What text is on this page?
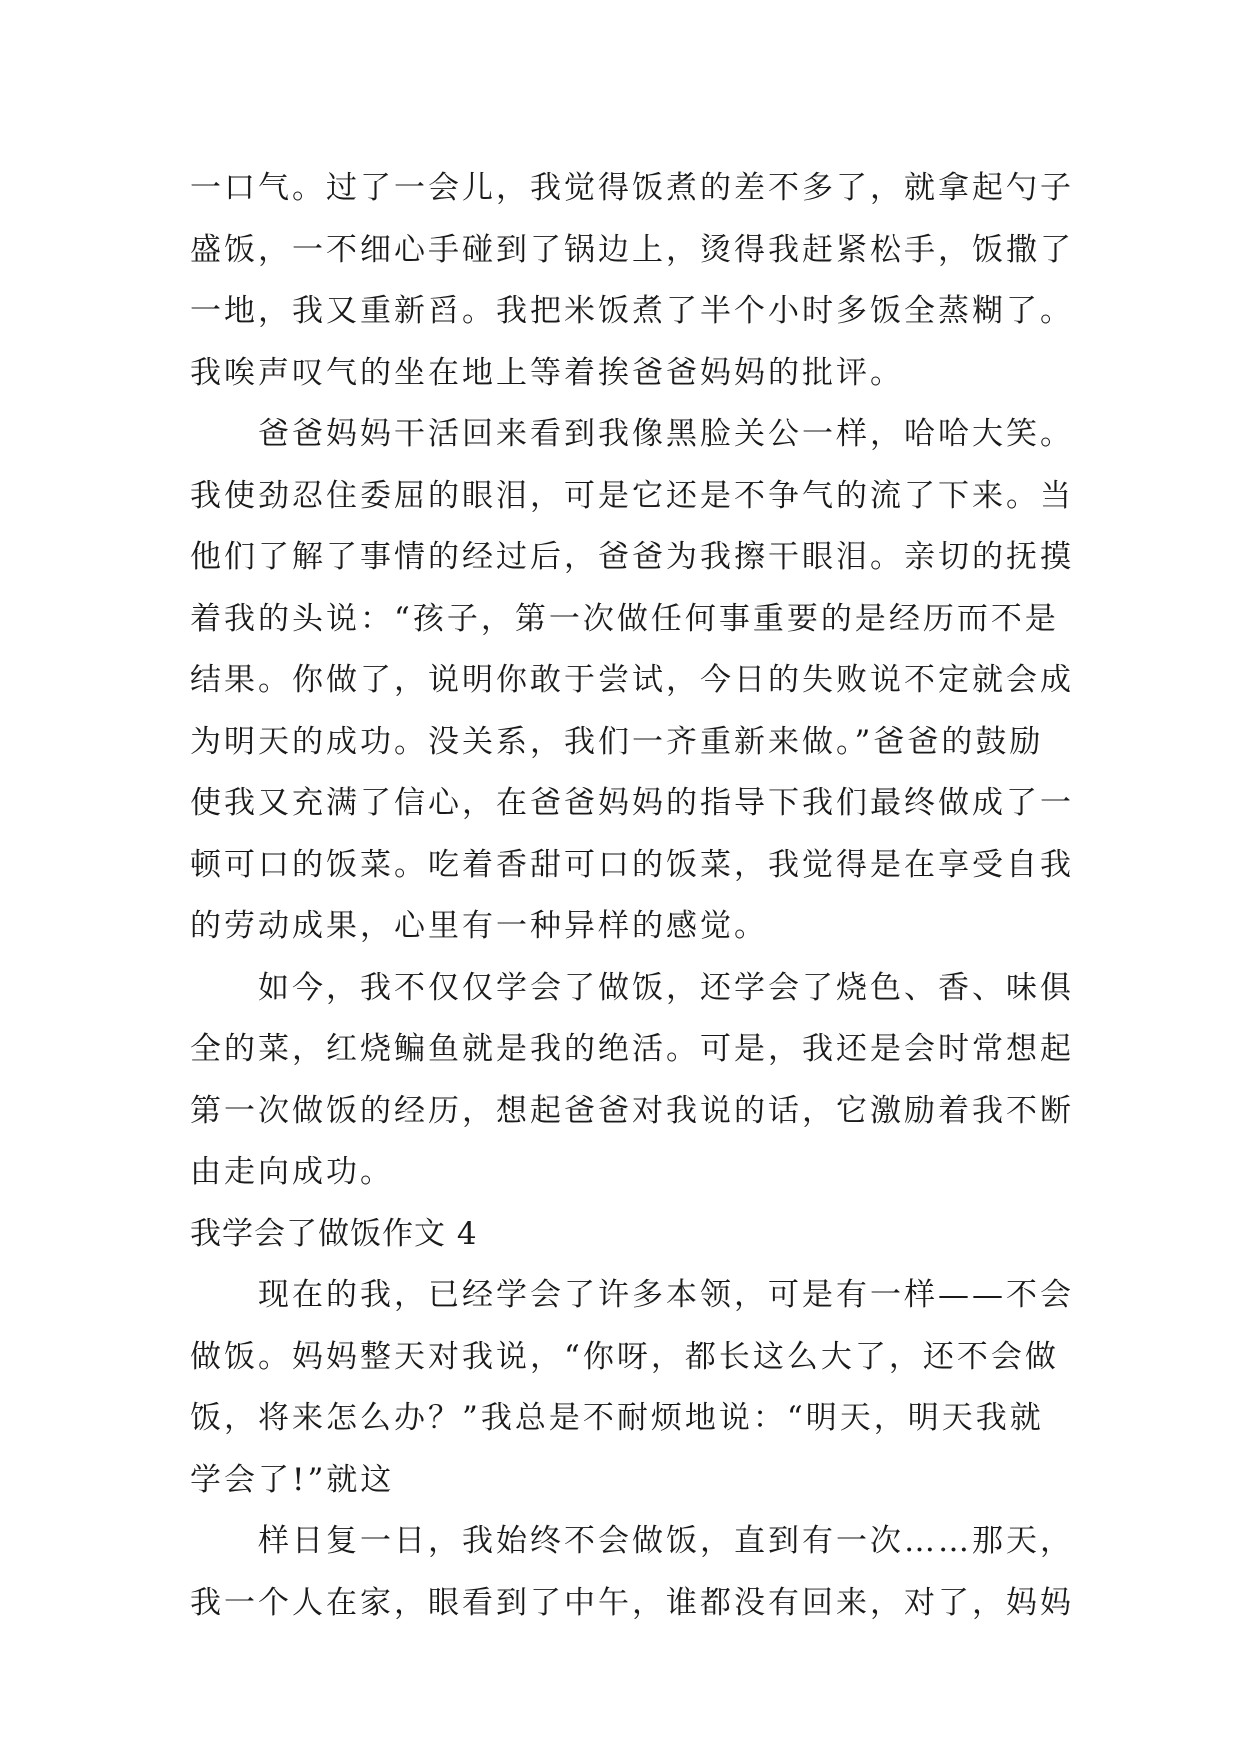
一口气。过了一会儿，我觉得饭煮的差不多了，就拿起勺子
盛饭，一不细心手碰到了锅边上，烫得我赶紧松手，饭撒了
一地，我又重新舀。我把米饭煮了半个小时多饭全蒸糊了。
我唉声叹气的坐在地上等着挨爸爸妈妈的批评。
爸爸妈妈干活回来看到我像黑脸关公一样，哈哈大笑。
我使劲忍住委屈的眼泪，可是它还是不争气的流了下来。当
他们了解了事情的经过后，爸爸为我擦干眼泪。亲切的抚摸
着我的头说：“孩子，第一次做任何事重要的是经历而不是
结果。你做了，说明你敢于尝试，今日的失败说不定就会成
为明天的成功。没关系，我们一齐重新来做。”爸爸的鼓励
使我又充满了信心，在爸爸妈妈的指导下我们最终做成了一
顿可口的饭菜。吃着香甜可口的饭菜，我觉得是在享受自我
的劳动成果，心里有一种异样的感觉。
如今，我不仅仅学会了做饭，还学会了烧色、香、味俱
全的菜，红烧鳊鱼就是我的绝活。可是，我还是会时常想起
第一次做饭的经历，想起爸爸对我说的话，它激励着我不断
由走向成功。
我学会了做饭作文 4
现在的我，已经学会了许多本领，可是有一样——不会
做饭。妈妈整天对我说，“你呀，都长这么大了，还不会做
饭，将来怎么办？”我总是不耐烦地说：“明天，明天我就
学会了!”就这
样日复一日，我始终不会做饭，直到有一次……那天，
我一个人在家，眼看到了中午，谁都没有回来，对了，妈妈
